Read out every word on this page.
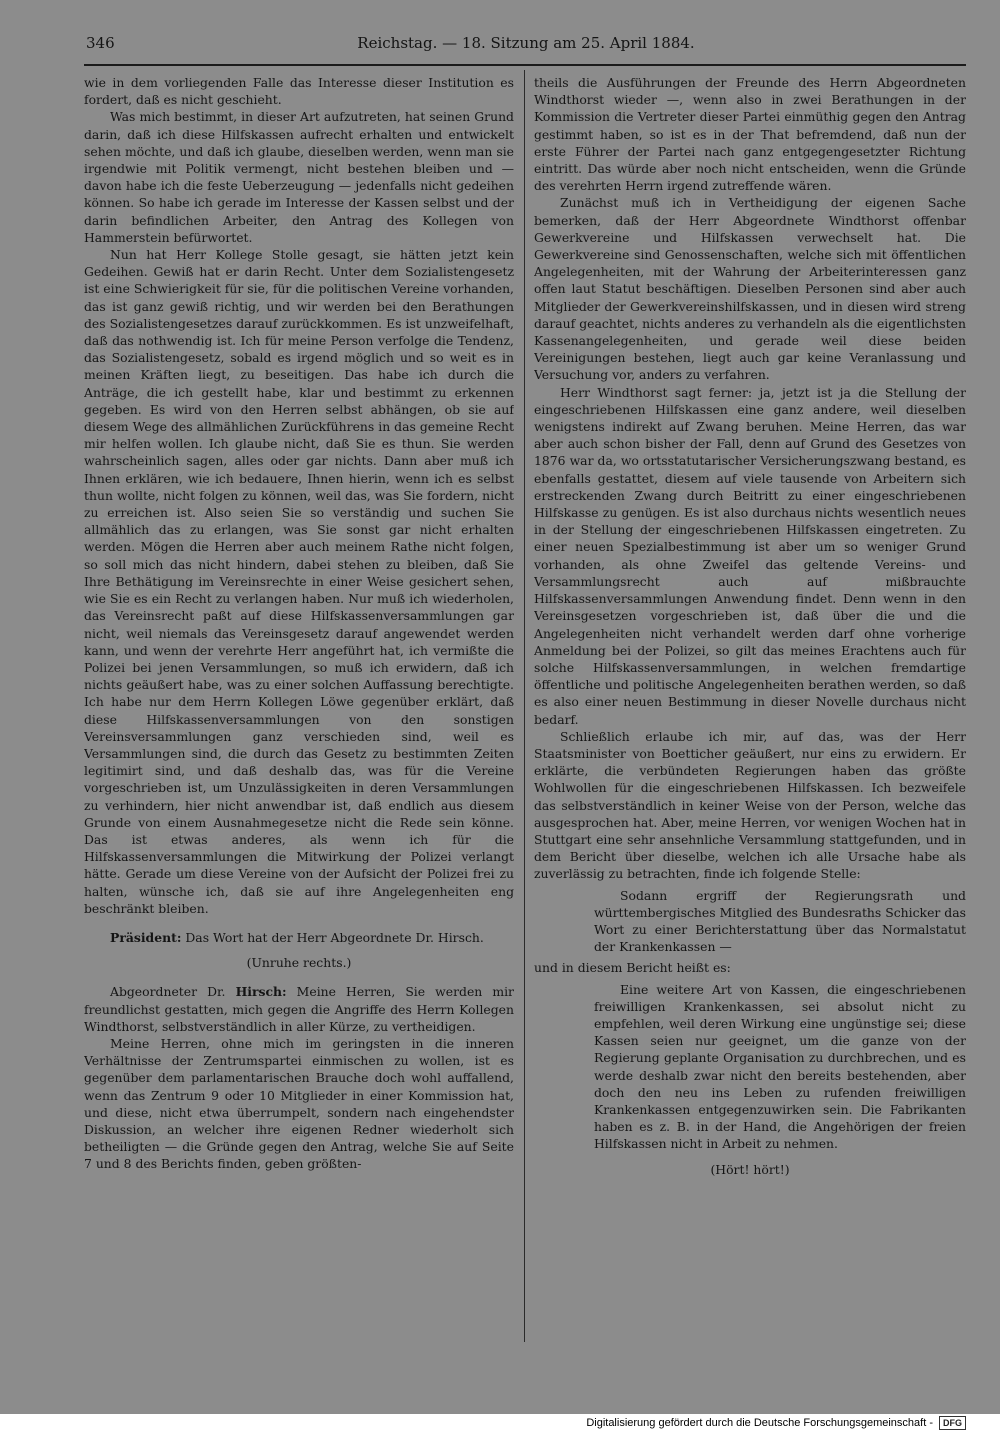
346	Reichstag. — 18. Sitzung am 25. April 1884.

wie in dem vorliegenden Falle das Interesse dieser Institution es fordert, daß es nicht geschieht.

Was mich bestimmt, in dieser Art aufzutreten, hat seinen Grund darin, daß ich diese Hilfskassen aufrecht erhalten und entwickelt sehen möchte, und daß ich glaube, dieselben werden, wenn man sie irgendwie mit Politik vermengt, nicht bestehen bleiben und — davon habe ich die feste Ueberzeugung — jedenfalls nicht gedeihen können. So habe ich gerade im Interesse der Kassen selbst und der darin befindlichen Arbeiter, den Antrag des Kollegen von Hammerstein befürwortet.

Nun hat Herr Kollege Stolle gesagt, sie hätten jetzt kein Gedeihen. Gewiß hat er darin Recht. Unter dem Sozialistengesetz ist eine Schwierigkeit für sie, für die politischen Vereine vorhanden, das ist ganz gewiß richtig, und wir werden bei den Berathungen des Sozialistengesetzes darauf zurückkommen. Es ist unzweifelhaft, daß das nothwendig ist. Ich für meine Person verfolge die Tendenz, das Sozialistengesetz, sobald es irgend möglich und so weit es in meinen Kräften liegt, zu beseitigen. Das habe ich durch die Anträge, die ich gestellt habe, klar und bestimmt zu erkennen gegeben. Es wird von den Herren selbst abhängen, ob sie auf diesem Wege des allmählichen Zurückführens in das gemeine Recht mir helfen wollen. Ich glaube nicht, daß Sie es thun. Sie werden wahrscheinlich sagen, alles oder gar nichts. Dann aber muß ich Ihnen erklären, wie ich bedauere, Ihnen hierin, wenn ich es selbst thun wollte, nicht folgen zu können, weil das, was Sie fordern, nicht zu erreichen ist. Also seien Sie so verständig und suchen Sie allmählich das zu erlangen, was Sie sonst gar nicht erhalten werden. Mögen die Herren aber auch meinem Rathe nicht folgen, so soll mich das nicht hindern, dabei stehen zu bleiben, daß Sie Ihre Bethätigung im Vereinsrechte in einer Weise gesichert sehen, wie Sie es ein Recht zu verlangen haben. Nur muß ich wiederholen, das Vereinsrecht paßt auf diese Hilfskassenversammlungen gar nicht, weil niemals das Vereinsgesetz darauf angewendet werden kann, und wenn der verehrte Herr angeführt hat, ich vermißte die Polizei bei jenen Versammlungen, so muß ich erwidern, daß ich nichts geäußert habe, was zu einer solchen Auffassung berechtigte. Ich habe nur dem Herrn Kollegen Löwe gegenüber erklärt, daß diese Hilfskassenversammlungen von den sonstigen Vereinsversammlungen ganz verschieden sind, weil es Versammlungen sind, die durch das Gesetz zu bestimmten Zeiten legitimirt sind, und daß deshalb das, was für die Vereine vorgeschrieben ist, um Unzulässigkeiten in deren Versammlungen zu verhindern, hier nicht anwendbar ist, daß endlich aus diesem Grunde von einem Ausnahmegesetze nicht die Rede sein könne. Das ist etwas anderes, als wenn ich für die Hilfskassenversammlungen die Mitwirkung der Polizei verlangt hätte. Gerade um diese Vereine von der Aufsicht der Polizei frei zu halten, wünsche ich, daß sie auf ihre Angelegenheiten eng beschränkt bleiben.

Präsident: Das Wort hat der Herr Abgeordnete Dr. Hirsch.

(Unruhe rechts.)

Abgeordneter Dr. Hirsch: Meine Herren, Sie werden mir freundlichst gestatten, mich gegen die Angriffe des Herrn Kollegen Windthorst, selbstverständlich in aller Kürze, zu vertheidigen.

Meine Herren, ohne mich im geringsten in die inneren Verhältnisse der Zentrumspartei einmischen zu wollen, ist es gegenüber dem parlamentarischen Brauche doch wohl auffallend, wenn das Zentrum 9 oder 10 Mitglieder in einer Kommission hat, und diese, nicht etwa überrumpelt, sondern nach eingehendster Diskussion, an welcher ihre eigenen Redner wiederholt sich betheiligten — die Gründe gegen den Antrag, welche Sie auf Seite 7 und 8 des Berichts finden, geben größten-

theils die Ausführungen der Freunde des Herrn Abgeordneten Windthorst wieder —, wenn also in zwei Berathungen in der Kommission die Vertreter dieser Partei einmüthig gegen den Antrag gestimmt haben, so ist es in der That befremdend, daß nun der erste Führer der Partei nach ganz entgegengesetzter Richtung eintritt. Das würde aber noch nicht entscheiden, wenn die Gründe des verehrten Herrn irgend zutreffende wären.

Zunächst muß ich in Vertheidigung der eigenen Sache bemerken, daß der Herr Abgeordnete Windthorst offenbar Gewerkvereine und Hilfskassen verwechselt hat. Die Gewerkvereine sind Genossenschaften, welche sich mit öffentlichen Angelegenheiten, mit der Wahrung der Arbeiterinteressen ganz offen laut Statut beschäftigen. Dieselben Personen sind aber auch Mitglieder der Gewerkvereinshilfskassen, und in diesen wird streng darauf geachtet, nichts anderes zu verhandeln als die eigentlichsten Kassenangelegenheiten, und gerade weil diese beiden Vereinigungen bestehen, liegt auch gar keine Veranlassung und Versuchung vor, anders zu verfahren.

Herr Windthorst sagt ferner: ja, jetzt ist ja die Stellung der eingeschriebenen Hilfskassen eine ganz andere, weil dieselben wenigstens indirekt auf Zwang beruhen. Meine Herren, das war aber auch schon bisher der Fall, denn auf Grund des Gesetzes von 1876 war da, wo ortsstatutarischer Versicherungszwang bestand, es ebenfalls gestattet, diesem auf viele tausende von Arbeitern sich erstreckenden Zwang durch Beitritt zu einer eingeschriebenen Hilfskasse zu genügen. Es ist also durchaus nichts wesentlich neues in der Stellung der eingeschriebenen Hilfskassen eingetreten. Zu einer neuen Spezialbestimmung ist aber um so weniger Grund vorhanden, als ohne Zweifel das geltende Vereins- und Versammlungsrecht auch auf mißbrauchte Hilfskassenversammlungen Anwendung findet. Denn wenn in den Vereinsgesetzen vorgeschrieben ist, daß über die und die Angelegenheiten nicht verhandelt werden darf ohne vorherige Anmeldung bei der Polizei, so gilt das meines Erachtens auch für solche Hilfskassenversammlungen, in welchen fremdartige öffentliche und politische Angelegenheiten berathen werden, so daß es also einer neuen Bestimmung in dieser Novelle durchaus nicht bedarf.

Schließlich erlaube ich mir, auf das, was der Herr Staatsminister von Boetticher geäußert, nur eins zu erwidern. Er erklärte, die verbündeten Regierungen haben das größte Wohlwollen für die eingeschriebenen Hilfskassen. Ich bezweifele das selbstverständlich in keiner Weise von der Person, welche das ausgesprochen hat. Aber, meine Herren, vor wenigen Wochen hat in Stuttgart eine sehr ansehnliche Versammlung stattgefunden, und in dem Bericht über dieselbe, welchen ich alle Ursache habe als zuverlässig zu betrachten, finde ich folgende Stelle:

Sodann ergriff der Regierungsrath und württembergisches Mitglied des Bundesraths Schicker das Wort zu einer Berichterstattung über das Normalstatut der Krankenkassen —

und in diesem Bericht heißt es:

Eine weitere Art von Kassen, die eingeschriebenen freiwilligen Krankenkassen, sei absolut nicht zu empfehlen, weil deren Wirkung eine ungünstige sei; diese Kassen seien nur geeignet, um die ganze von der Regierung geplante Organisation zu durchbrechen, und es werde deshalb zwar nicht den bereits bestehenden, aber doch den neu ins Leben zu rufenden freiwilligen Krankenkassen entgegenzuwirken sein. Die Fabrikanten haben es z. B. in der Hand, die Angehörigen der freien Hilfskassen nicht in Arbeit zu nehmen.

(Hört! hört!)

Digitalisierung gefördert durch die Deutsche Forschungsgemeinschaft -	DFG
